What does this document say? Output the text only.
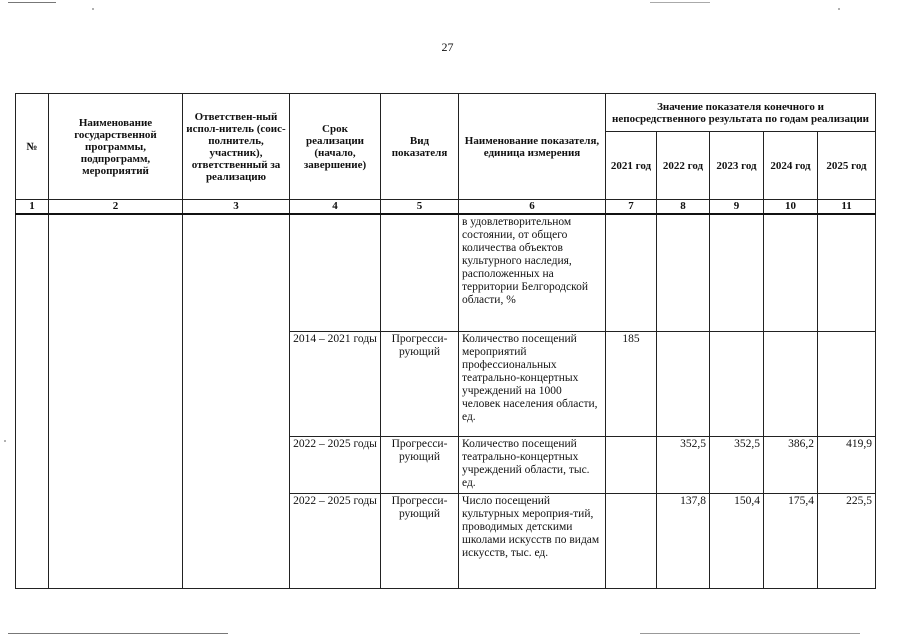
27
№	Наименование государственной программы, подпрограмм, мероприятий	Ответствен-ный испол-нитель (соис-полнитель, участник), ответственный за реализацию	Срок реализации (начало, завершение)	Вид показателя	Наименование показателя, единица измерения	Значение показателя конечного и непосредственного результата по годам реализации				
						2021 год	2022 год	2023 год	2024 год	2025 год
1	2	3	4	5	6	7	8	9	10	11
					в удовлетворительном состоянии, от общего количества объектов культурного наследия, расположенных на территории Белгородской области, %					
			2014 – 2021 годы	Прогресси-рующий	Количество посещений мероприятий профессиональных театрально-концертных учреждений на 1000 человек населения области, ед.	185				
			2022 – 2025 годы	Прогресси-рующий	Количество посещений театрально-концертных учреждений области, тыс. ед.		352,5	352,5	386,2	419,9
			2022 – 2025 годы	Прогресси-рующий	Число посещений культурных мероприя-тий, проводимых детскими школами искусств по видам искусств, тыс. ед.		137,8	150,4	175,4	225,5
